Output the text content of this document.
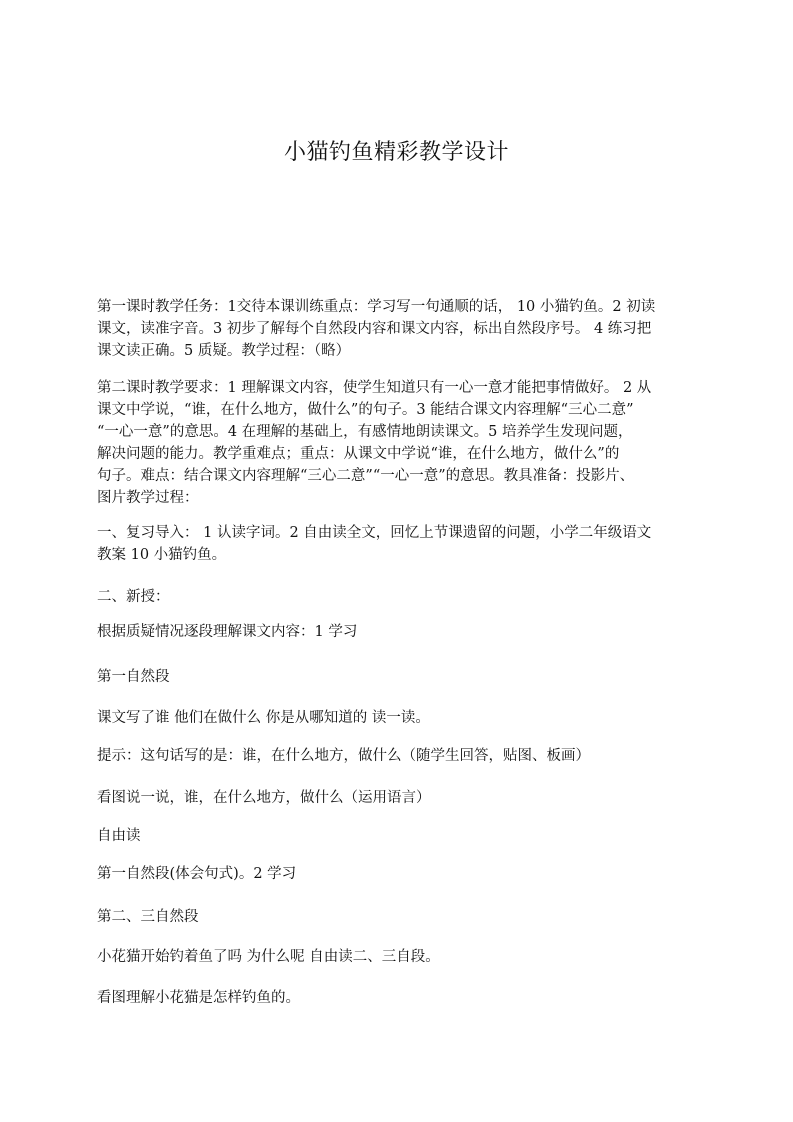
小猫钓鱼精彩教学设计

第一课时教学任务：1交待本课训练重点：学习写一句通顺的话， 10 小猫钓鱼。2 初读
课文，读准字音。3 初步了解每个自然段内容和课文内容，标出自然段序号。 4 练习把
课文读正确。5 质疑。教学过程：（略）

第二课时教学要求：1 理解课文内容，使学生知道只有一心一意才能把事情做好。 2 从
课文中学说，“谁，在什么地方，做什么”的句子。3 能结合课文内容理解“三心二意”
“一心一意”的意思。4 在理解的基础上，有感情地朗读课文。5 培养学生发现问题，
解决问题的能力。教学重难点；重点：从课文中学说“谁，在什么地方，做什么”的
句子。难点：结合课文内容理解“三心二意”“一心一意”的意思。教具准备：投影片、
图片教学过程：

一、复习导入： 1 认读字词。2 自由读全文，回忆上节课遗留的问题，小学二年级语文
教案 10 小猫钓鱼。

二、新授：

根据质疑情况逐段理解课文内容：1 学习

第一自然段

课文写了谁 他们在做什么 你是从哪知道的 读一读。

提示：这句话写的是：谁，在什么地方，做什么（随学生回答，贴图、板画）

看图说一说，谁，在什么地方，做什么（运用语言）

自由读

第一自然段(体会句式)。2 学习

第二、三自然段

小花猫开始钓着鱼了吗 为什么呢 自由读二、三自段。

看图理解小花猫是怎样钓鱼的。
